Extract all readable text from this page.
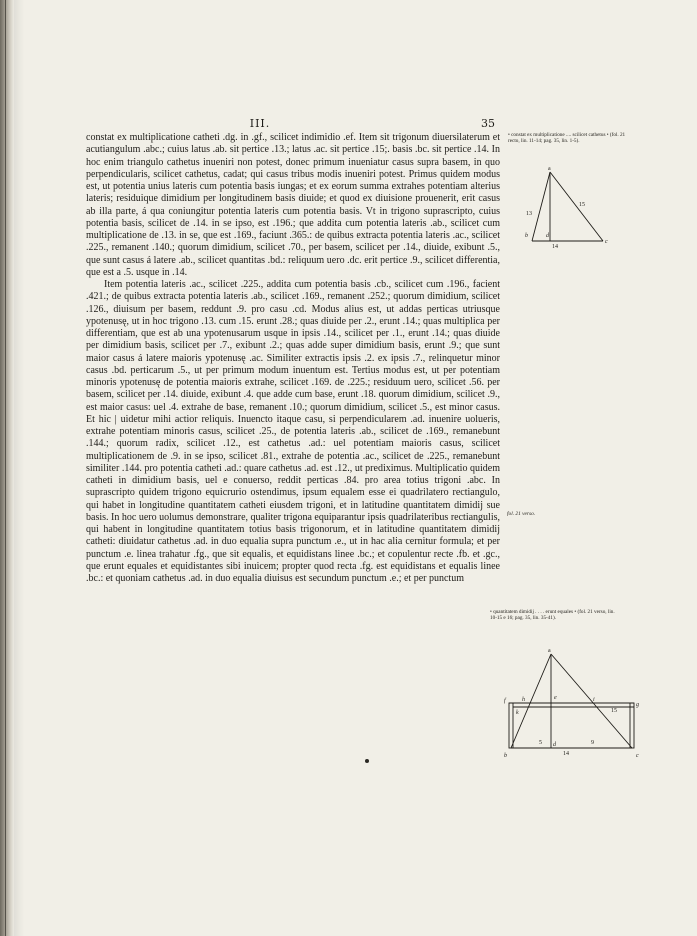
III.	35

constat ex multiplicatione catheti .dg. in .gf., scilicet indimidio .ef. Item sit trigonum diuersilaterum et acutiangulum .abc.; cuius latus .ab. sit pertice .13.; latus .ac. sit pertice .15;. basis .bc. sit pertice .14. In hoc enim triangulo cathetus inueniri non potest, donec primum inueniatur casus supra basem, in quo perpendicularis, scilicet cathetus, cadat; qui casus tribus modis inueniri potest. Primus quidem modus est, ut potentia unius lateris cum potentia basis iungas; et ex eorum summa extrahes potentiam alterius lateris; residuique dimidium per longitudinem basis diuide; et quod ex diuisione prouenerit, erit casus ab illa parte, á qua coniungitur potentia lateris cum potentia basis. Vt in trigono suprascripto, cuius potentia basis, scilicet de .14. in se ipso, est .196.; que addita cum potentia lateris .ab., scilicet cum multiplicatione de .13. in se, que est .169., faciunt .365.: de quibus extracta potentia lateris .ac., scilicet .225., remanent .140.; quorum dimidium, scilicet .70., per basem, scilicet per .14., diuide, exibunt .5., que sunt casus á latere .ab., scilicet quantitas .bd.: reliquum uero .dc. erit pertice .9., scilicet differentia, que est a .5. usque in .14.

Item potentia lateris .ac., scilicet .225., addita cum potentia basis .cb., scilicet cum .196., facient .421.; de quibus extracta potentia lateris .ab., scilicet .169., remanent .252.; quorum dimidium, scilicet .126., diuisum per basem, reddunt .9. pro casu .cd. Modus alius est, ut addas perticas utriusque ypotenusę, ut in hoc trigono .13. cum .15. erunt .28.; quas diuide per .2., erunt .14.; quas multiplica per differentiam, que est ab una ypotenusarum usque in ipsis .14., scilicet per .1., erunt .14.; quas diuide per dimidium basis, scilicet per .7., exibunt .2.; quas adde super dimidium basis, erunt .9.; que sunt maior casus á latere maioris ypotenusę .ac. Similiter extractis ipsis .2. ex ipsis .7., relinquetur minor casus .bd. perticarum .5., ut per primum modum inuentum est. Tertius modus est, ut per potentiam minoris ypotenusę de potentia maioris extrahe, scilicet .169. de .225.; residuum uero, scilicet .56. per basem, scilicet per .14. diuide, exibunt .4. que adde cum base, erunt .18. quorum dimidium, scilicet .9., est maior casus: uel .4. extrahe de base, remanent .10.; quorum dimidium, scilicet .5., est minor casus. Et hic | uidetur mihi actior reliquis. Inuencto itaque casu, si perpendicularem .ad. inuenire uolueris, extrahe potentiam minoris casus, scilicet .25., de potentia lateris .ab., scilicet de .169., remanebunt .144.; quorum radix, scilicet .12., est cathetus .ad.: uel potentiam maioris casus, scilicet multiplicationem de .9. in se ipso, scilicet .81., extrahe de potentia .ac., scilicet de .225., remanebunt similiter .144. pro potentia catheti .ad.: quare cathetus .ad. est .12., ut prediximus. Multiplicatio quidem catheti in dimidium basis, uel e conuerso, reddit perticas .84. pro area totius trigoni .abc. In suprascripto quidem trigono equicrurio ostendimus, ipsum equalem esse ei quadrilatero rectiangulo, qui habet in longitudine quantitatem catheti eiusdem trigoni, et in latitudine quantitatem dimidij sue basis. In hoc uero uolumus demonstrare, qualiter trigona equiparantur ipsis quadrilateribus rectiangulis, qui habent in longitudine quantitatem totius basis trigonorum, et in latitudine quantitatem dimidij catheti: diuidatur cathetus .ad. in duo equalia supra punctum .e., ut in hac alia cernitur formula; et per punctum .e. linea trahatur .fg., que sit equalis, et equidistans linee .bc.; et copulentur recte .fb. et .gc., que erunt equales et equidistantes sibi inuicem; propter quod recta .fg. est equidistans et equalis linee .bc.: et quoniam cathetus .ad. in duo equalia diuisus est secundum punctum .e.; et per punctum

• constat ex multiplicatione .... scilicet cathetus • (fol. 21 recto, lin. 11-14; pag. 35, lin. 1-5).
fol. 21 verso.
• quantitatem dimidij . . . . erunt equales • (fol. 21 verso, lin. 10-15 e 16; pag. 35, lin. 35-41).
a
b
c
d
13
15
14
a
b	c
d
e
f
g
h	i
k
5	9
15
14
